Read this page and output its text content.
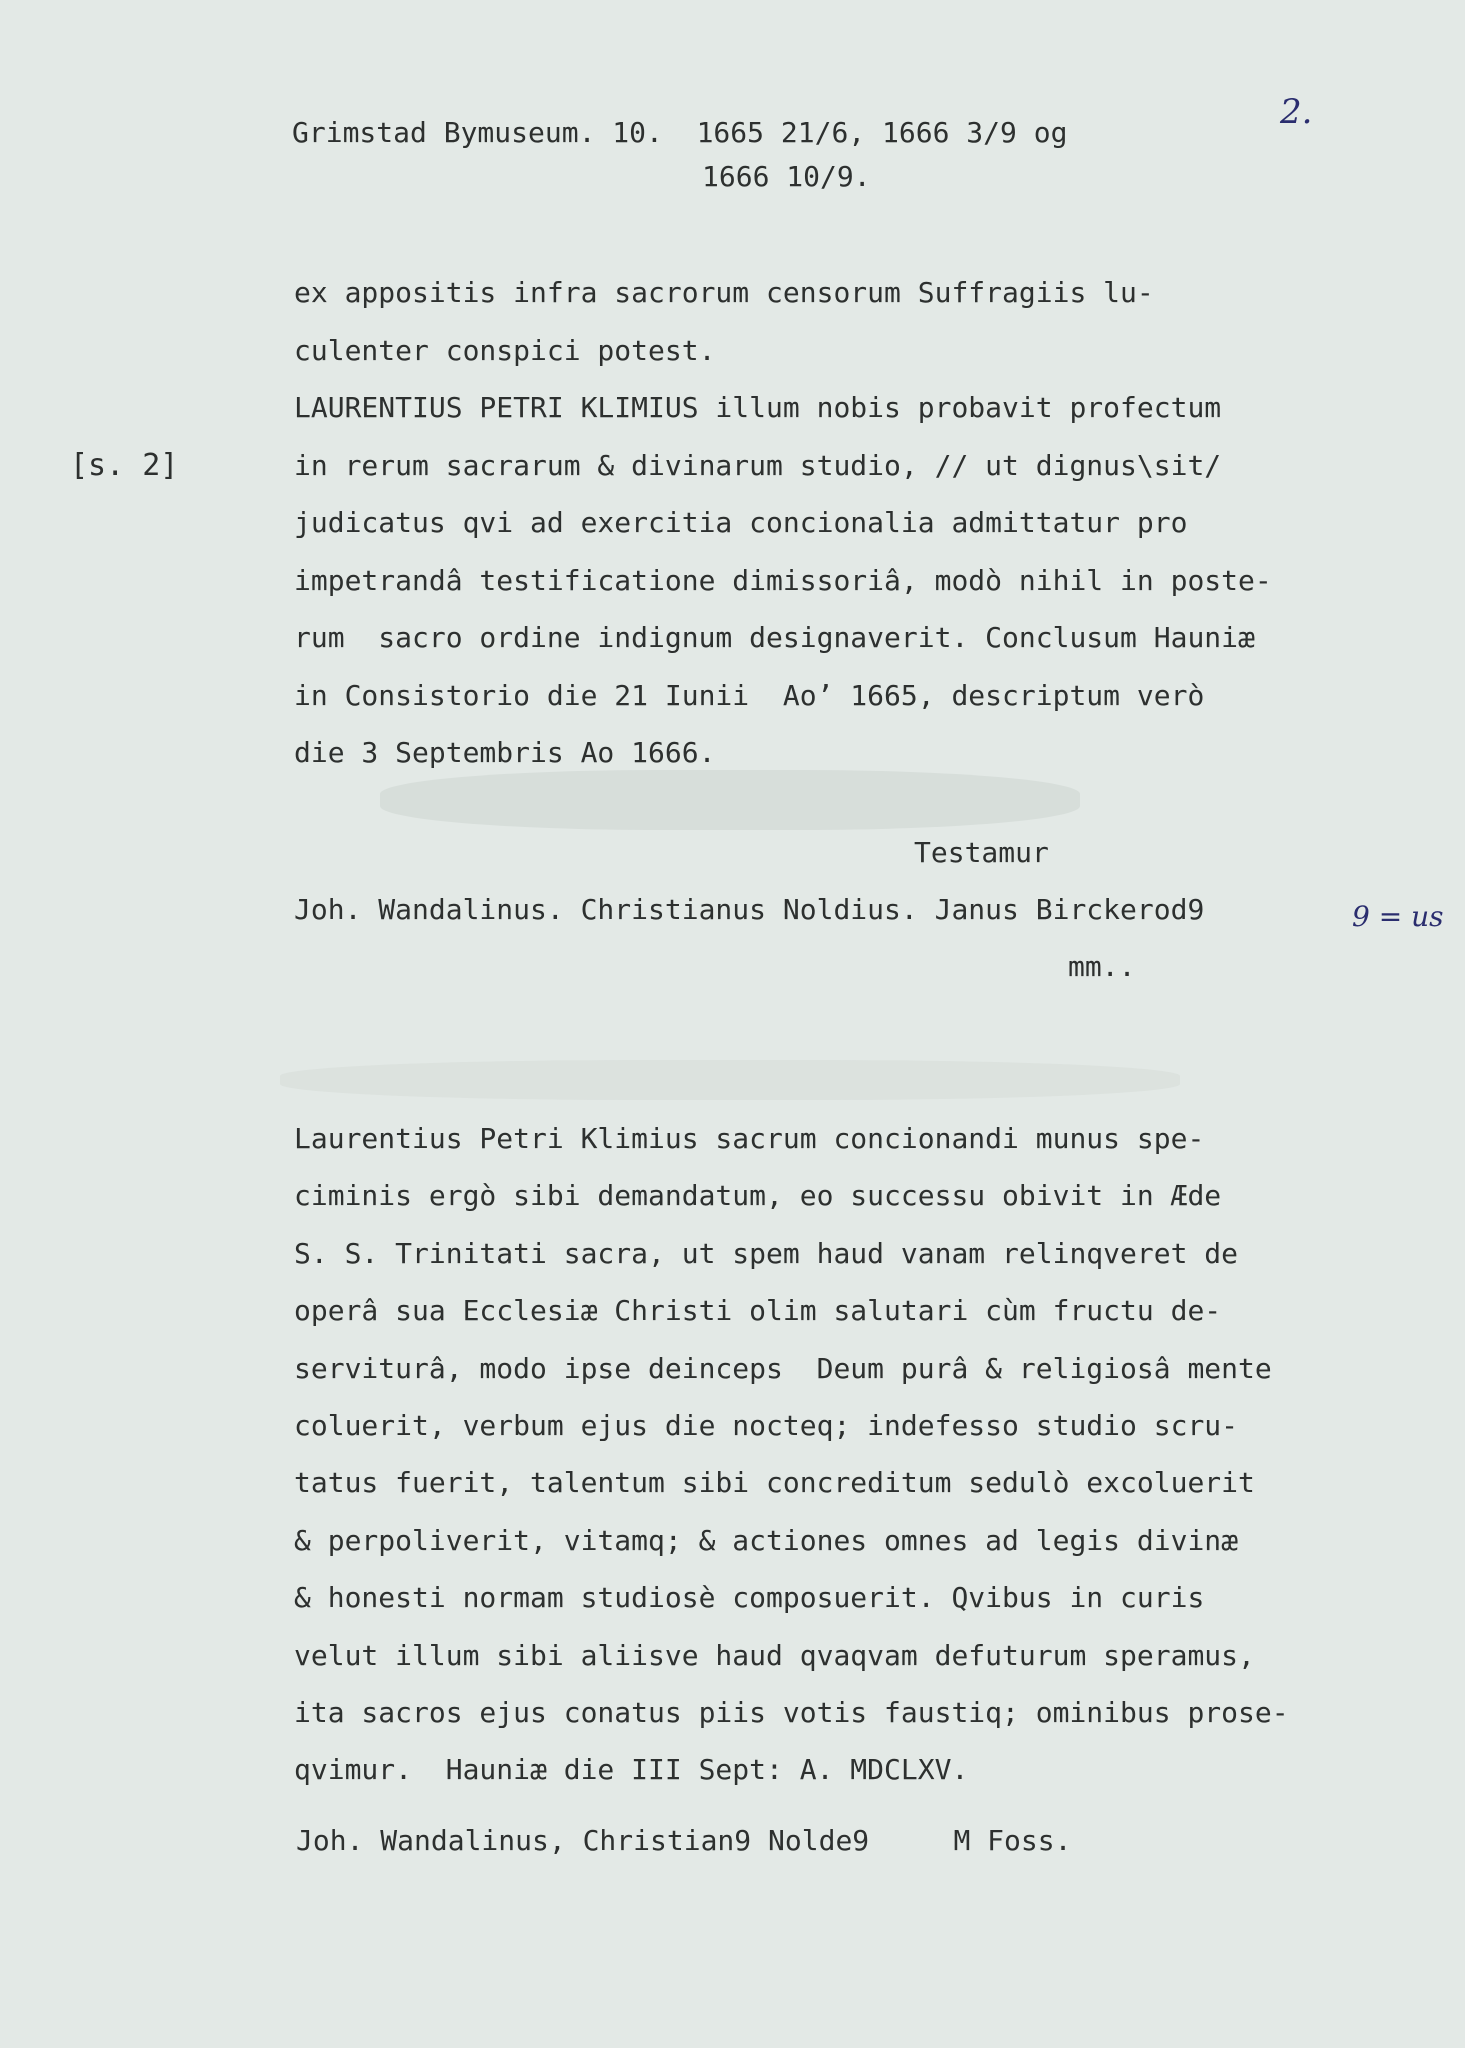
2.
Grimstad Bymuseum. 10.  1665 21/6, 1666 3/9 og
1666 10/9.
[s. 2]
9 = us
ex appositis infra sacrorum censorum Suffragiis lu-
culenter conspici potest.
LAURENTIUS PETRI KLIMIUS illum nobis probavit profectum
in rerum sacrarum & divinarum studio, // ut dignus\sit/
judicatus qvi ad exercitia concionalia admittatur pro
impetrandâ testificatione dimissoriâ, modò nihil in poste-
rum  sacro ordine indignum designaverit. Conclusum Hauniæ
in Consistorio die 21 Iunii  Ao’ 1665, descriptum verò
die 3 Septembris Ao 1666.
Testamur
Joh. Wandalinus. Christianus Noldius. Janus Birckerod9
mm..
Laurentius Petri Klimius sacrum concionandi munus spe-
ciminis ergò sibi demandatum, eo successu obivit in Æde
S. S. Trinitati sacra, ut spem haud vanam relinqveret de
operâ sua Ecclesiæ Christi olim salutari cùm fructu de-
serviturâ, modo ipse deinceps  Deum purâ & religiosâ mente
coluerit, verbum ejus die nocteq; indefesso studio scru-
tatus fuerit, talentum sibi concreditum sedulò excoluerit
& perpoliverit, vitamq; & actiones omnes ad legis divinæ
& honesti normam studiosè composuerit. Qvibus in curis
velut illum sibi aliisve haud qvaqvam defuturum speramus,
ita sacros ejus conatus piis votis faustiq; ominibus prose-
qvimur.  Hauniæ die III Sept: A. MDCLXV.
Joh. Wandalinus, Christian9 Nolde9     M Foss.
